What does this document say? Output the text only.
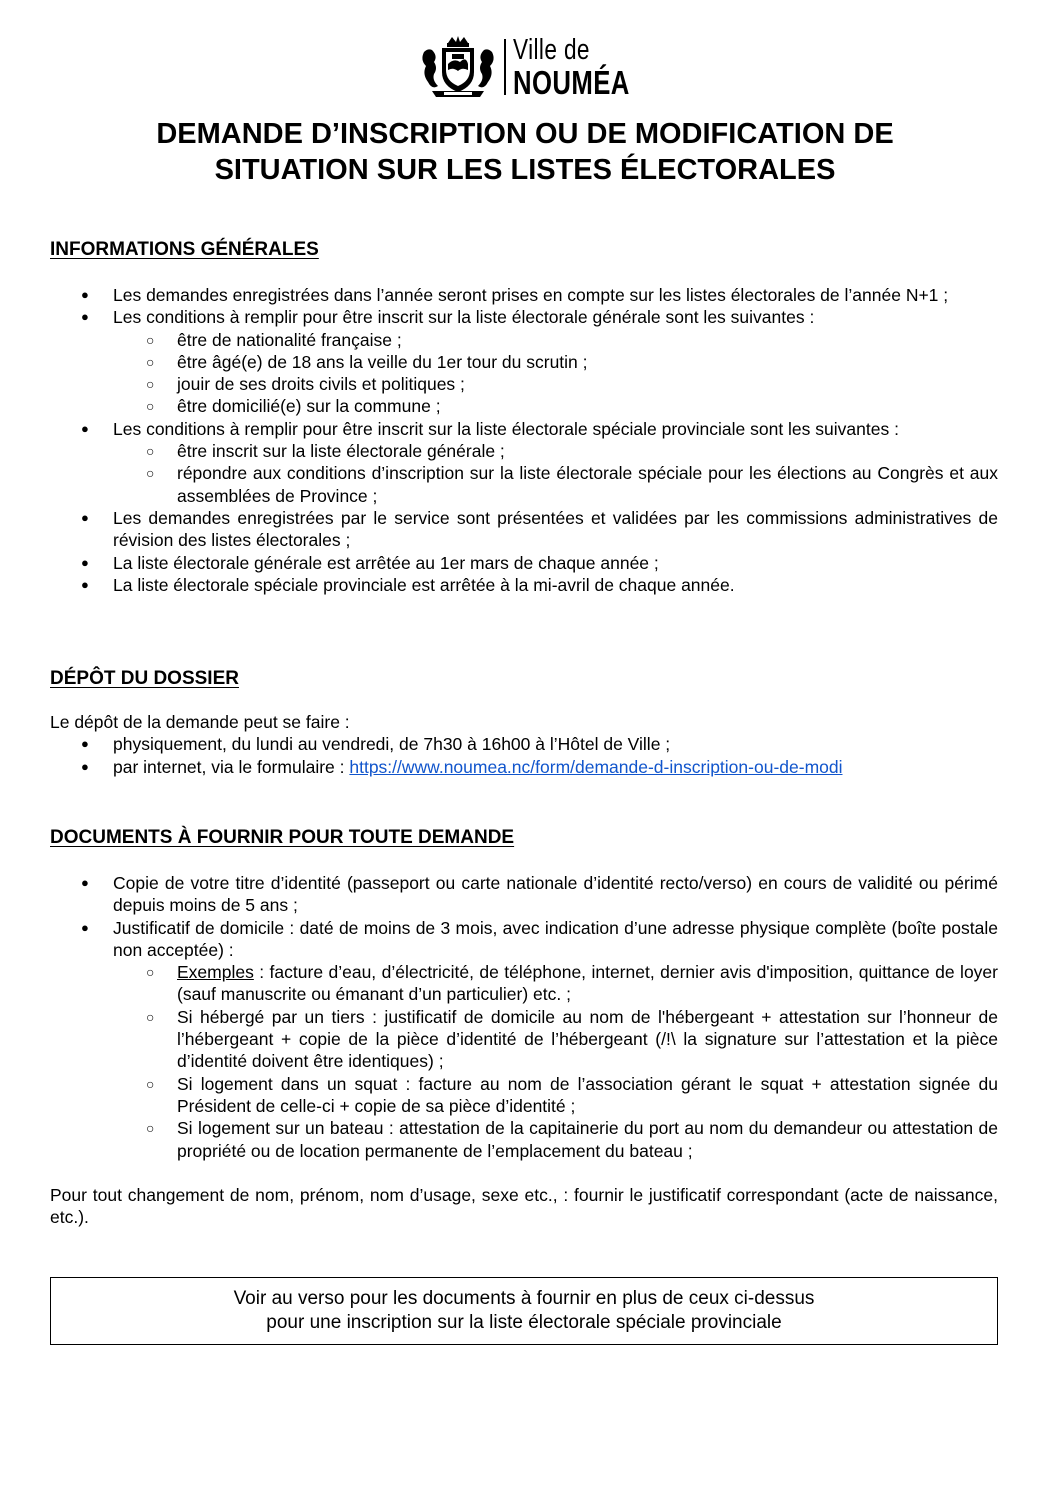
Ville de
NOUMÉA
DEMANDE D’INSCRIPTION OU DE MODIFICATION DE
SITUATION SUR LES LISTES ÉLECTORALES
INFORMATIONS GÉNÉRALES
● Les demandes enregistrées dans l’année seront prises en compte sur les listes électorales de l’année N+1 ;
● Les conditions à remplir pour être inscrit sur la liste électorale générale sont les suivantes :
○ être de nationalité française ;
○ être âgé(e) de 18 ans la veille du 1er tour du scrutin ;
○ jouir de ses droits civils et politiques ;
○ être domicilié(e) sur la commune ;
● Les conditions à remplir pour être inscrit sur la liste électorale spéciale provinciale sont les suivantes :
○ être inscrit sur la liste électorale générale ;
○ répondre aux conditions d’inscription sur la liste électorale spéciale pour les élections au Congrès et aux assemblées de Province ;
● Les demandes enregistrées par le service sont présentées et validées par les commissions administratives de révision des listes électorales ;
● La liste électorale générale est arrêtée au 1er mars de chaque année ;
● La liste électorale spéciale provinciale est arrêtée à la mi-avril de chaque année.
DÉPÔT DU DOSSIER
Le dépôt de la demande peut se faire :
● physiquement, du lundi au vendredi, de 7h30 à 16h00 à l’Hôtel de Ville ;
● par internet, via le formulaire : https://www.noumea.nc/form/demande-d-inscription-ou-de-modi
DOCUMENTS À FOURNIR POUR TOUTE DEMANDE
● Copie de votre titre d’identité (passeport ou carte nationale d’identité recto/verso) en cours de validité ou périmé depuis moins de 5 ans ;
● Justificatif de domicile : daté de moins de 3 mois, avec indication d’une adresse physique complète (boîte postale non acceptée) :
○ Exemples : facture d’eau, d’électricité, de téléphone, internet, dernier avis d'imposition, quittance de loyer (sauf manuscrite ou émanant d’un particulier) etc. ;
○ Si hébergé par un tiers : justificatif de domicile au nom de l'hébergeant + attestation sur l’honneur de l’hébergeant + copie de la pièce d’identité de l’hébergeant (/!\ la signature sur l’attestation et la pièce d’identité doivent être identiques) ;
○ Si logement dans un squat : facture au nom de l’association gérant le squat + attestation signée du Président de celle-ci + copie de sa pièce d’identité ;
○ Si logement sur un bateau : attestation de la capitainerie du port au nom du demandeur ou attestation de propriété ou de location permanente de l’emplacement du bateau ;
Pour tout changement de nom, prénom, nom d’usage, sexe etc., : fournir le justificatif correspondant (acte de naissance, etc.).
Voir au verso pour les documents à fournir en plus de ceux ci-dessus
pour une inscription sur la liste électorale spéciale provinciale
